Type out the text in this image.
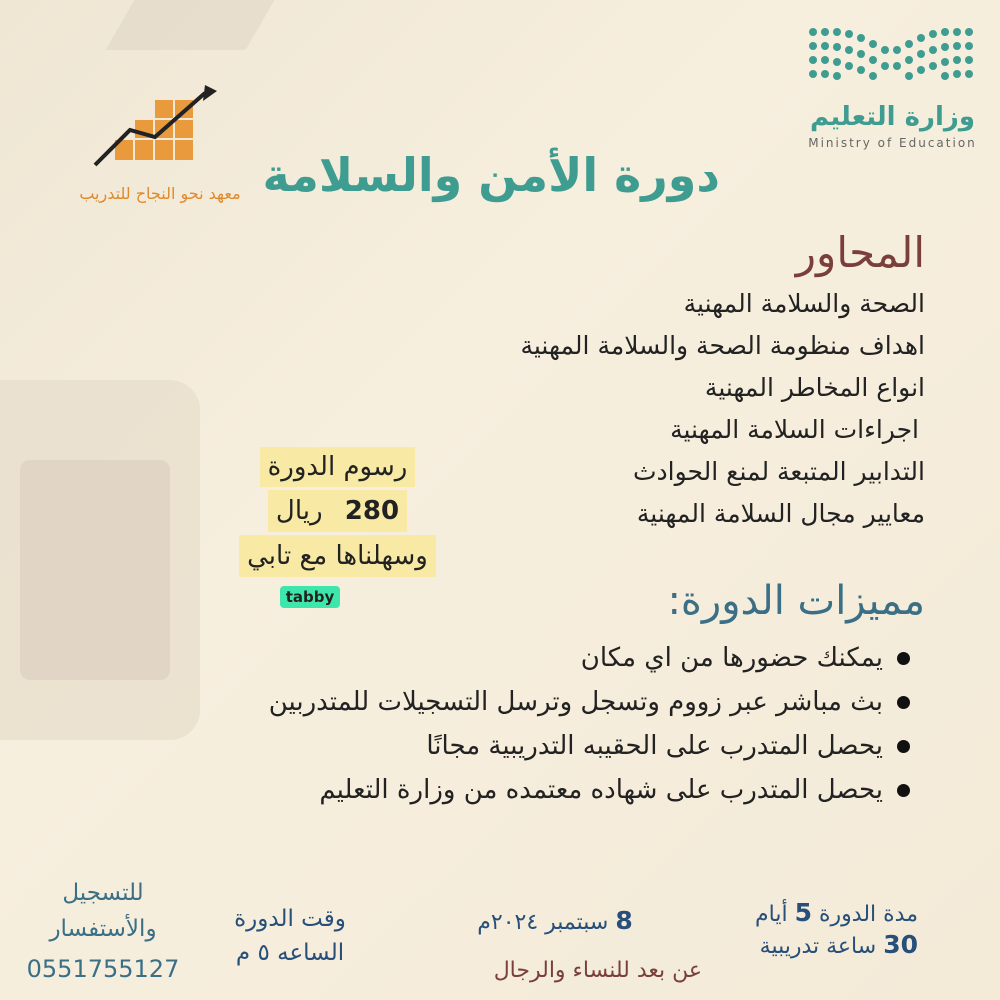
وزارة التعليم
Ministry of Education
معهد نحو النجاح للتدريب دورة الأمن والسلامة
المحاور
الصحة والسلامة المهنية
اهداف منظومة الصحة والسلامة المهنية
انواع المخاطر المهنية
اجراءات السلامة المهنية
التدابير المتبعة لمنع الحوادث
معايير مجال السلامة المهنية
رسوم الدورة
280 ريال
وسهلناها مع تابي
tabby	مميزات الدورة:
يمكنك حضورها من اي مكان
بث مباشر عبر زووم وتسجل وترسل التسجيلات للمتدربين
يحصل المتدرب على الحقيبه التدريبية مجانًا
يحصل المتدرب على شهاده معتمده من وزارة التعليم
مدة الدورة 5 أيام
30 ساعة تدريبية
8 سبتمبر ٢٠٢٤م
عن بعد للنساء والرجال
وقت الدورة
الساعه ٥ م
للتسجيل
والأستفسار
0551755127
